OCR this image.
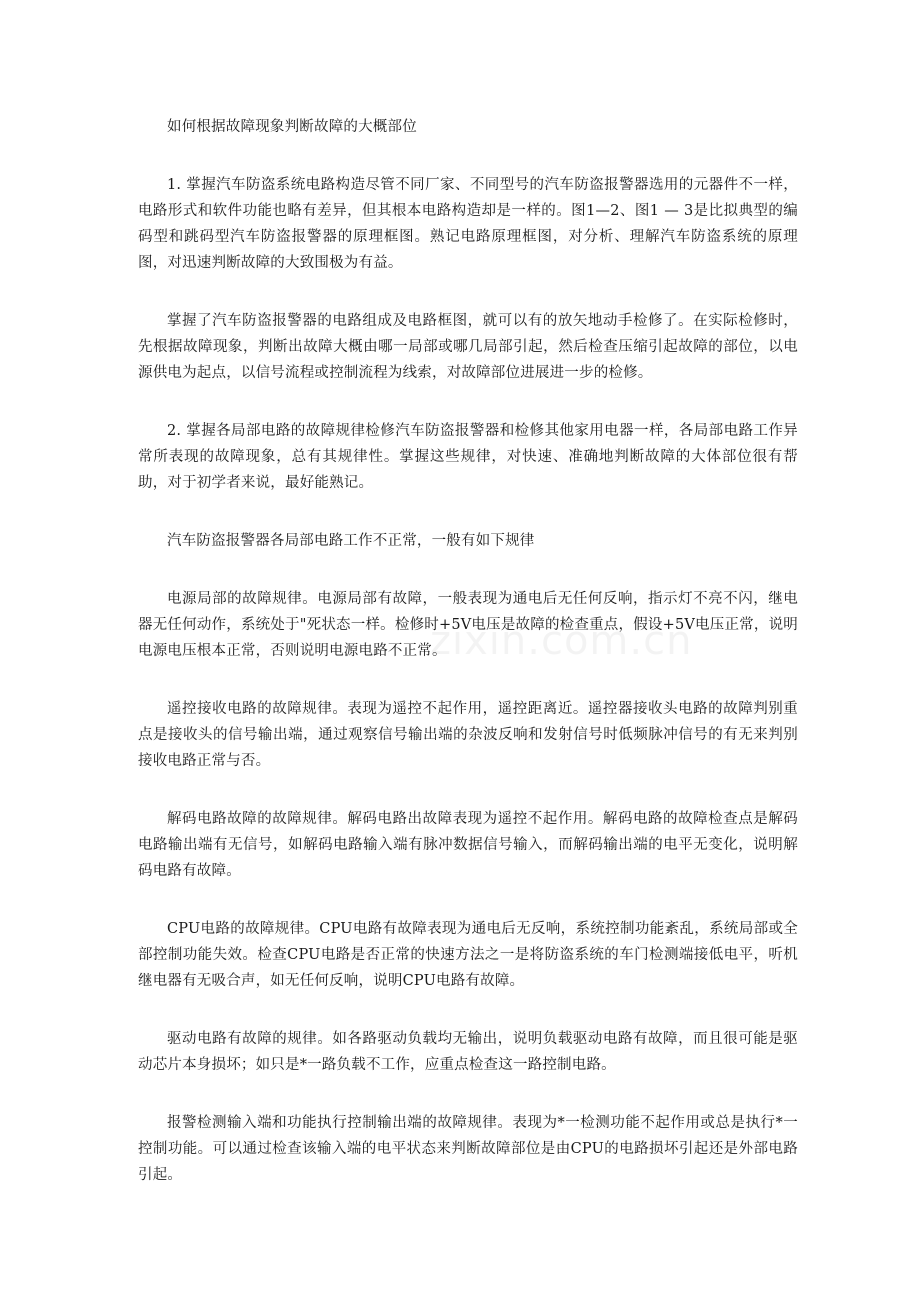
如何根据故障现象判断故障的大概部位

1. 掌握汽车防盗系统电路构造尽管不同厂家、不同型号的汽车防盗报警器选用的元器件不一样，电路形式和软件功能也略有差异，但其根本电路构造却是一样的。图1—2、图1 — 3是比拟典型的编码型和跳码型汽车防盗报警器的原理框图。熟记电路原理框图，对分析、理解汽车防盗系统的原理图，对迅速判断故障的大致围极为有益。

掌握了汽车防盗报警器的电路组成及电路框图，就可以有的放矢地动手检修了。在实际检修时，先根据故障现象，判断出故障大概由哪一局部或哪几局部引起，然后检查压缩引起故障的部位，以电源供电为起点，以信号流程或控制流程为线索，对故障部位进展进一步的检修。

2. 掌握各局部电路的故障规律检修汽车防盗报警器和检修其他家用电器一样，各局部电路工作异常所表现的故障现象，总有其规律性。掌握这些规律，对快速、准确地判断故障的大体部位很有帮助，对于初学者来说，最好能熟记。

汽车防盗报警器各局部电路工作不正常，一般有如下规律

电源局部的故障规律。电源局部有故障，一般表现为通电后无任何反响，指示灯不亮不闪，继电器无任何动作，系统处于"死状态一样。检修时+5V电压是故障的检查重点，假设+5V电压正常，说明电源电压根本正常，否则说明电源电路不正常。

遥控接收电路的故障规律。表现为遥控不起作用，遥控距离近。遥控器接收头电路的故障判别重点是接收头的信号输出端，通过观察信号输出端的杂波反响和发射信号时低频脉冲信号的有无来判别接收电路正常与否。

解码电路故障的故障规律。解码电路出故障表现为遥控不起作用。解码电路的故障检查点是解码电路输出端有无信号，如解码电路输入端有脉冲数据信号输入，而解码输出端的电平无变化，说明解码电路有故障。

CPU电路的故障规律。CPU电路有故障表现为通电后无反响，系统控制功能紊乱，系统局部或全部控制功能失效。检查CPU电路是否正常的快速方法之一是将防盗系统的车门检测端接低电平，听机继电器有无吸合声，如无任何反响，说明CPU电路有故障。

驱动电路有故障的规律。如各路驱动负载均无输出，说明负载驱动电路有故障，而且很可能是驱动芯片本身损坏；如只是*一路负载不工作，应重点检查这一路控制电路。

报警检测输入端和功能执行控制输出端的故障规律。表现为*一检测功能不起作用或总是执行*一控制功能。可以通过检查该输入端的电平状态来判断故障部位是由CPU的电路损坏引起还是外部电路引起。
